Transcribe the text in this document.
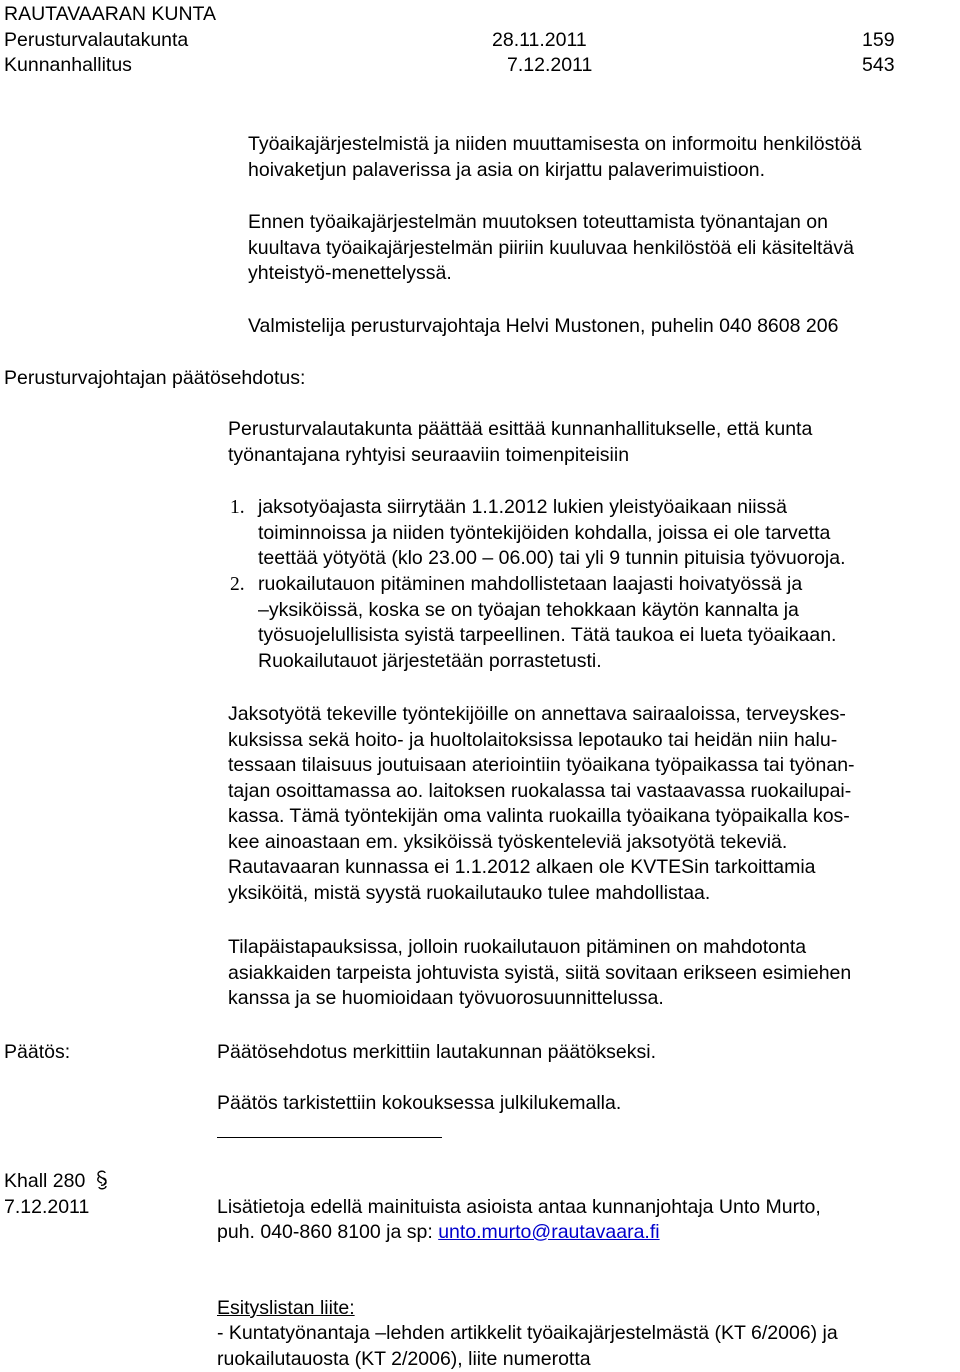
RAUTAVAARAN KUNTA
Perusturvalautakunta	28.11.2011	159
Kunnanhallitus	7.12.2011	543
Työaikajärjestelmistä ja niiden muuttamisesta on informoitu henkilöstöä
hoivaketjun palaverissa ja asia on kirjattu palaverimuistioon.
Ennen työaikajärjestelmän muutoksen toteuttamista työnantajan on
kuultava työaikajärjestelmän piiriin kuuluvaa henkilöstöä eli käsiteltävä
yhteistyö-menettelyssä.
Valmistelija perusturvajohtaja Helvi Mustonen, puhelin 040 8608 206
Perusturvajohtajan päätösehdotus:
Perusturvalautakunta päättää esittää kunnanhallitukselle, että kunta
työnantajana ryhtyisi seuraaviin toimenpiteisiin
1. jaksotyöajasta siirrytään 1.1.2012 lukien yleistyöaikaan niissä
toiminnoissa ja niiden työntekijöiden kohdalla, joissa ei ole tarvetta
teettää yötyötä (klo 23.00 – 06.00) tai yli 9 tunnin pituisia työvuoroja.
2. ruokailutauon pitäminen mahdollistetaan laajasti hoivatyössä ja
–yksiköissä, koska se on työajan tehokkaan käytön kannalta ja
työsuojelullisista syistä tarpeellinen. Tätä taukoa ei lueta työaikaan.
Ruokailutauot järjestetään porrastetusti.
Jaksotyötä tekeville työntekijöille on annettava sairaaloissa, terveyskes-
kuksissa sekä hoito- ja huoltolaitoksissa lepotauko tai heidän niin halu-
tessaan tilaisuus joutuisaan ateriointiin työaikana työpaikassa tai työnan-
tajan osoittamassa ao. laitoksen ruokalassa tai vastaavassa ruokailupai-
kassa. Tämä työntekijän oma valinta ruokailla työaikana työpaikalla kos-
kee ainoastaan em. yksiköissä työskenteleviä jaksotyötä tekeviä.
Rautavaaran kunnassa ei 1.1.2012 alkaen ole KVTESin tarkoittamia
yksiköitä, mistä syystä ruokailutauko tulee mahdollistaa.
Tilapäistapauksissa, jolloin ruokailutauon pitäminen on mahdotonta
asiakkaiden tarpeista johtuvista syistä, siitä sovitaan erikseen esimiehen
kanssa ja se huomioidaan työvuorosuunnittelussa.
Päätös:	Päätösehdotus merkittiin lautakunnan päätökseksi.
Päätös tarkistettiin kokouksessa julkilukemalla.
Khall 280
7.12.2011	Lisätietoja edellä mainituista asioista antaa kunnanjohtaja Unto Murto,
puh. 040-860 8100 ja sp: unto.murto@rautavaara.fi
Esityslistan liite:
- Kuntatyönantaja –lehden artikkelit työaikajärjestelmästä (KT 6/2006) ja
ruokailutauosta (KT 2/2006), liite numerotta
